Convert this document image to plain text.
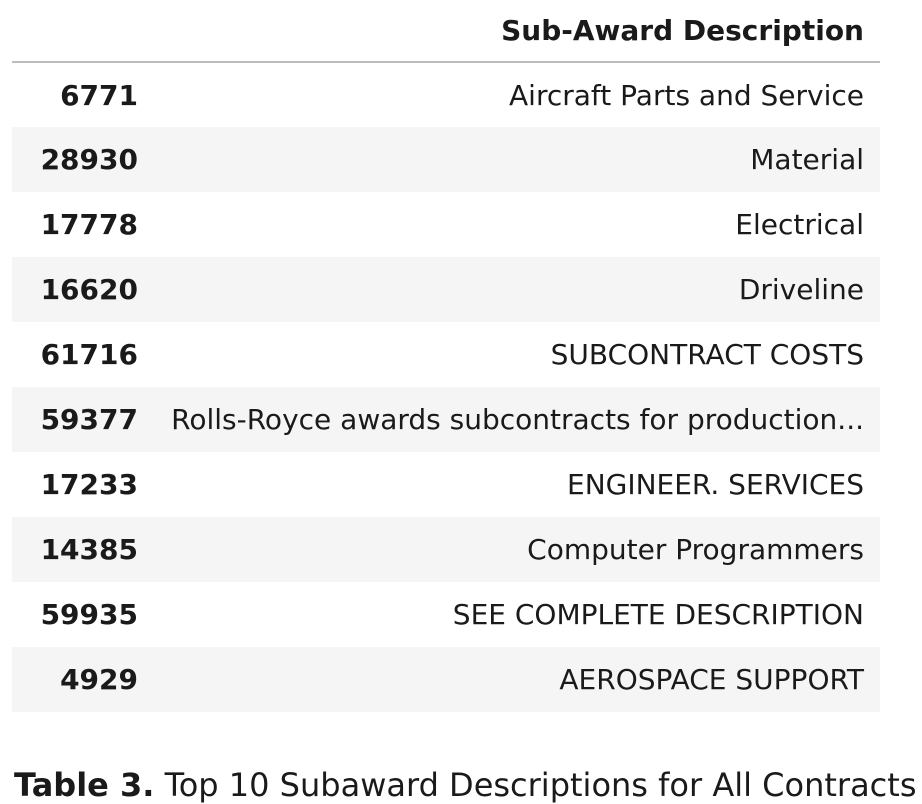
	Sub-Award Description
6771	Aircraft Parts and Service
28930	Material
17778	Electrical
16620	Driveline
61716	SUBCONTRACT COSTS
59377	Rolls-Royce awards subcontracts for production...
17233	ENGINEER. SERVICES
14385	Computer Programmers
59935	SEE COMPLETE DESCRIPTION
4929	AEROSPACE SUPPORT
Table 3. Top 10 Subaward Descriptions for All Contracts
